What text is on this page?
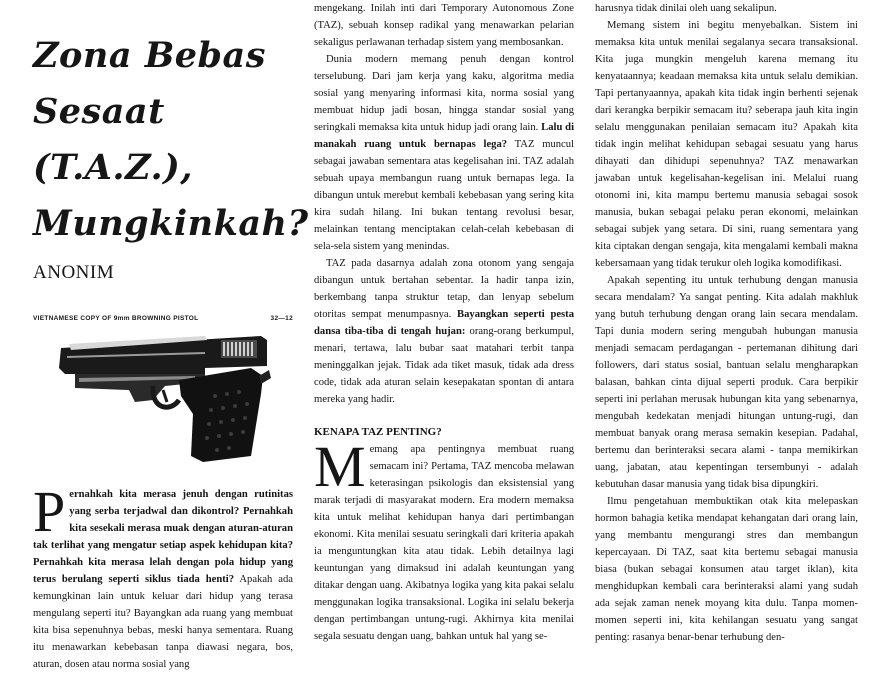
Zona Bebas
Sesaat (T.A.Z.),
Mungkinkah?
ANONIM
VIETNAMESE COPY OF 9mm BROWNING PISTOL	32—12
P ernahkah kita merasa jenuh dengan rutinitas yang serba terjadwal dan dikontrol? Pernahkah kita sesekali merasa muak dengan aturan-aturan tak terlihat yang mengatur setiap aspek kehidupan kita? Pernahkah kita merasa lelah dengan pola hidup yang terus berulang seperti siklus tiada henti? Apakah ada kemungkinan lain untuk keluar dari hidup yang terasa mengulang seperti itu? Bayangkan ada ruang yang membuat kita bisa sepenuhnya bebas, meski hanya sementara. Ruang itu menawarkan kebebasan tanpa diawasi negara, bos, aturan, dosen atau norma sosial yang

mengekang. Inilah inti dari Temporary Autonomous Zone (TAZ), sebuah konsep radikal yang menawarkan pelarian sekaligus perlawanan terhadap sistem yang membosankan.

Dunia modern memang penuh dengan kontrol terselubung. Dari jam kerja yang kaku, algoritma media sosial yang menyaring informasi kita, norma sosial yang membuat hidup jadi bosan, hingga standar sosial yang seringkali memaksa kita untuk hidup jadi orang lain. Lalu di manakah ruang untuk bernapas lega? TAZ muncul sebagai jawaban sementara atas kegelisahan ini. TAZ adalah sebuah upaya membangun ruang untuk bernapas lega. Ia dibangun untuk merebut kembali kebebasan yang sering kita kira sudah hilang. Ini bukan tentang revolusi besar, melainkan tentang menciptakan celah-celah kebebasan di sela-sela sistem yang menindas.

TAZ pada dasarnya adalah zona otonom yang sengaja dibangun untuk bertahan sebentar. Ia hadir tanpa izin, berkembang tanpa struktur tetap, dan lenyap sebelum otoritas sempat menumpasnya. Bayangkan seperti pesta dansa tiba-tiba di tengah hujan: orang-orang berkumpul, menari, tertawa, lalu bubar saat matahari terbit tanpa meninggalkan jejak. Tidak ada tiket masuk, tidak ada dress code, tidak ada aturan selain kesepakatan spontan di antara mereka yang hadir.

KENAPA TAZ PENTING?

Memang apa pentingnya membuat ruang semacam ini? Pertama, TAZ mencoba melawan keterasingan psikologis dan eksistensial yang marak terjadi di masyarakat modern. Era modern memaksa kita untuk melihat kehidupan hanya dari pertimbangan ekonomi. Kita menilai sesuatu seringkali dari kriteria apakah ia menguntungkan kita atau tidak. Lebih detailnya lagi keuntungan yang dimaksud ini adalah keuntungan yang ditakar dengan uang. Akibatnya logika yang kita pakai selalu menggunakan logika transaksional. Logika ini selalu bekerja dengan pertimbangan untung-rugi. Akhirnya kita menilai segala sesuatu dengan uang, bahkan untuk hal yang se-

harusnya tidak dinilai oleh uang sekalipun.

Memang sistem ini begitu menyebalkan. Sistem ini memaksa kita untuk menilai segalanya secara transaksional. Kita juga mungkin mengeluh karena memang itu kenyataannya; keadaan memaksa kita untuk selalu demikian. Tapi pertanyaannya, apakah kita tidak ingin berhenti sejenak dari kerangka berpikir semacam itu? seberapa jauh kita ingin selalu menggunakan penilaian semacam itu? Apakah kita tidak ingin melihat kehidupan sebagai sesuatu yang harus dihayati dan dihidupi sepenuhnya? TAZ menawarkan jawaban untuk kegelisahan-kegelisan ini. Melalui ruang otonomi ini, kita mampu bertemu manusia sebagai sosok manusia, bukan sebagai pelaku peran ekonomi, melainkan sebagai subjek yang setara. Di sini, ruang sementara yang kita ciptakan dengan sengaja, kita mengalami kembali makna kebersamaan yang tidak terukur oleh logika komodifikasi.

Apakah sepenting itu untuk terhubung dengan manusia secara mendalam? Ya sangat penting. Kita adalah makhluk yang butuh terhubung dengan orang lain secara mendalam. Tapi dunia modern sering mengubah hubungan manusia menjadi semacam perdagangan - pertemanan dihitung dari followers, dari status sosial, bantuan selalu mengharapkan balasan, bahkan cinta dijual seperti produk. Cara berpikir seperti ini perlahan merusak hubungan kita yang sebenarnya, mengubah kedekatan menjadi hitungan untung-rugi, dan membuat banyak orang merasa semakin kesepian. Padahal, bertemu dan berinteraksi secara alami - tanpa memikirkan uang, jabatan, atau kepentingan tersembunyi - adalah kebutuhan dasar manusia yang tidak bisa dipungkiri.

Ilmu pengetahuan membuktikan otak kita melepaskan hormon bahagia ketika mendapat kehangatan dari orang lain, yang membantu mengurangi stres dan membangun kepercayaan. Di TAZ, saat kita bertemu sebagai manusia biasa (bukan sebagai konsumen atau target iklan), kita menghidupkan kembali cara berinteraksi alami yang sudah ada sejak zaman nenek moyang kita dulu. Tanpa momen-momen seperti ini, kita kehilangan sesuatu yang sangat penting: rasanya benar-benar terhubung den-
